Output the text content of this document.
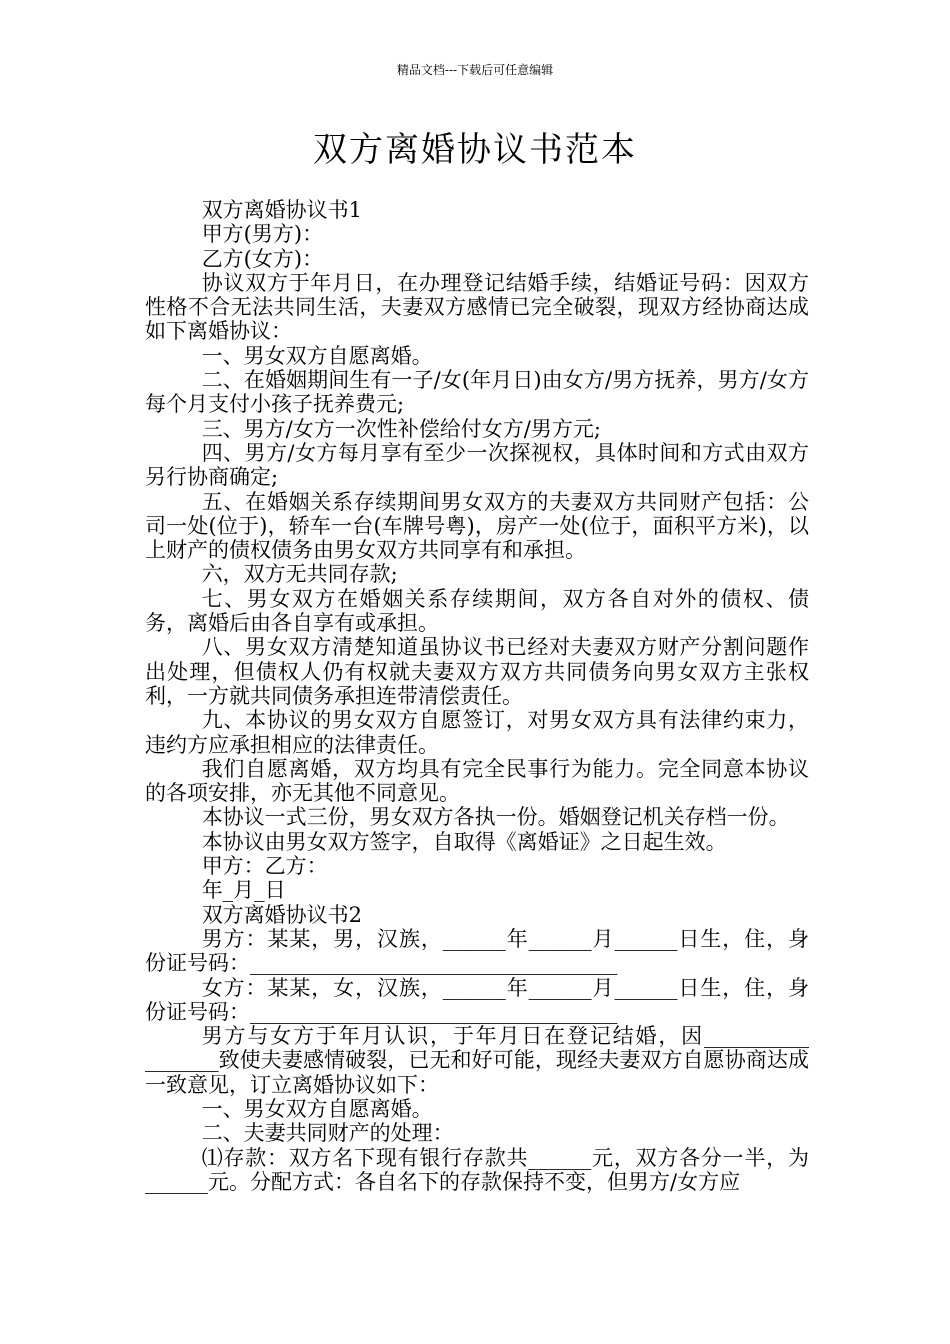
精品文档---下载后可任意编辑
双方离婚协议书范本

双方离婚协议书1

甲方(男方)：

乙方(女方)：

协议双方于年月日，在办理登记结婚手续，结婚证号码：因双方性格不合无法共同生活，夫妻双方感情已完全破裂，现双方经协商达成如下离婚协议：

一、男女双方自愿离婚。

二、在婚姻期间生有一子/女(年月日)由女方/男方抚养，男方/女方每个月支付小孩子抚养费元;

三、男方/女方一次性补偿给付女方/男方元;

四、男方/女方每月享有至少一次探视权，具体时间和方式由双方另行协商确定;

五、在婚姻关系存续期间男女双方的夫妻双方共同财产包括：公司一处(位于)，轿车一台(车牌号粤)，房产一处(位于，面积平方米)，以上财产的债权债务由男女双方共同享有和承担。

六，双方无共同存款;

七、男女双方在婚姻关系存续期间，双方各自对外的债权、债务，离婚后由各自享有或承担。

八、男女双方清楚知道虽协议书已经对夫妻双方财产分割问题作出处理，但债权人仍有权就夫妻双方双方共同债务向男女双方主张权利，一方就共同债务承担连带清偿责任。

九、本协议的男女双方自愿签订，对男女双方具有法律约束力，违约方应承担相应的法律责任。

我们自愿离婚，双方均具有完全民事行为能力。完全同意本协议的各项安排，亦无其他不同意见。

本协议一式三份，男女双方各执一份。婚姻登记机关存档一份。

本协议由男女双方签字，自取得《离婚证》之日起生效。

甲方：乙方：

年_月_日

双方离婚协议书2

男方：某某，男，汉族，______年______月______日生，住，身份证号码：___________________________________

女方：某某，女，汉族，______年______月______日生，住，身份证号码：___________________________________

男方与女方于年月认识，于年月日在登记结婚，因__________ _______致使夫妻感情破裂，已无和好可能，现经夫妻双方自愿协商达成一致意见，订立离婚协议如下：

一、男女双方自愿离婚。

二、夫妻共同财产的处理：

⑴存款：双方名下现有银行存款共______元，双方各分一半，为______元。分配方式：各自名下的存款保持不变，但男方/女方应
